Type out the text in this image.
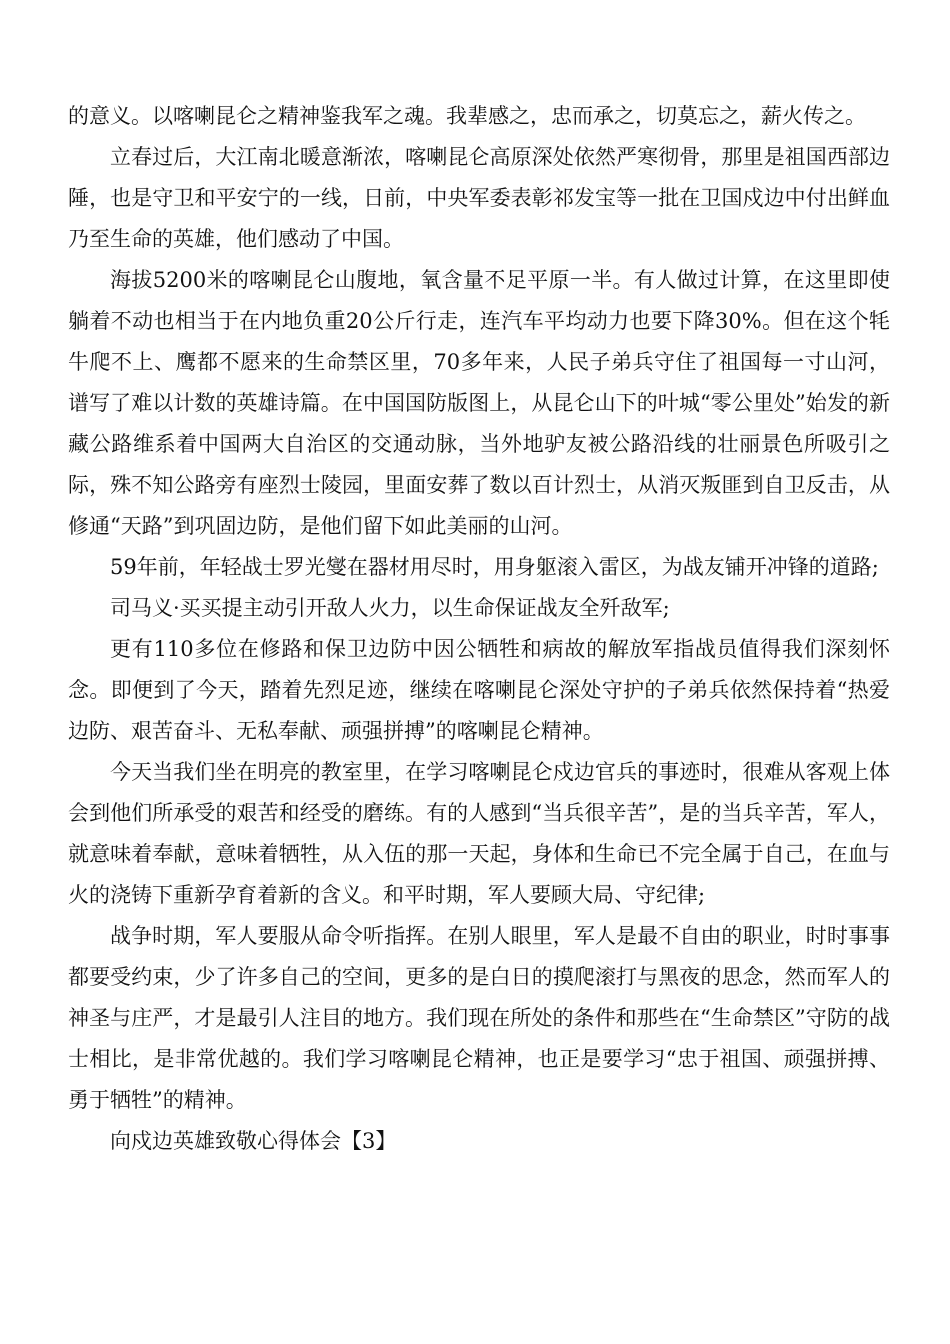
的意义。以喀喇昆仑之精神鉴我军之魂。我辈感之，忠而承之，切莫忘之，薪火传之。

立春过后，大江南北暖意渐浓，喀喇昆仑高原深处依然严寒彻骨，那里是祖国西部边陲，也是守卫和平安宁的一线，日前，中央军委表彰祁发宝等一批在卫国戍边中付出鲜血乃至生命的英雄，他们感动了中国。

海拔5200米的喀喇昆仑山腹地，氧含量不足平原一半。有人做过计算，在这里即使躺着不动也相当于在内地负重20公斤行走，连汽车平均动力也要下降30%。但在这个牦牛爬不上、鹰都不愿来的生命禁区里，70多年来，人民子弟兵守住了祖国每一寸山河，谱写了难以计数的英雄诗篇。在中国国防版图上，从昆仑山下的叶城“零公里处”始发的新藏公路维系着中国两大自治区的交通动脉，当外地驴友被公路沿线的壮丽景色所吸引之际，殊不知公路旁有座烈士陵园，里面安葬了数以百计烈士，从消灭叛匪到自卫反击，从修通“天路”到巩固边防，是他们留下如此美丽的山河。

59年前，年轻战士罗光燮在器材用尽时，用身躯滚入雷区，为战友铺开冲锋的道路;

司马义·买买提主动引开敌人火力，以生命保证战友全歼敌军;

更有110多位在修路和保卫边防中因公牺牲和病故的解放军指战员值得我们深刻怀念。即便到了今天，踏着先烈足迹，继续在喀喇昆仑深处守护的子弟兵依然保持着“热爱边防、艰苦奋斗、无私奉献、顽强拼搏”的喀喇昆仑精神。

今天当我们坐在明亮的教室里，在学习喀喇昆仑戍边官兵的事迹时，很难从客观上体会到他们所承受的艰苦和经受的磨练。有的人感到“当兵很辛苦”，是的当兵辛苦，军人，就意味着奉献，意味着牺牲，从入伍的那一天起，身体和生命已不完全属于自己，在血与火的浇铸下重新孕育着新的含义。和平时期，军人要顾大局、守纪律;

战争时期，军人要服从命令听指挥。在别人眼里，军人是最不自由的职业，时时事事都要受约束，少了许多自己的空间，更多的是白日的摸爬滚打与黑夜的思念，然而军人的神圣与庄严，才是最引人注目的地方。我们现在所处的条件和那些在“生命禁区”守防的战士相比，是非常优越的。我们学习喀喇昆仑精神，也正是要学习“忠于祖国、顽强拼搏、勇于牺牲”的精神。

向戍边英雄致敬心得体会【3】
